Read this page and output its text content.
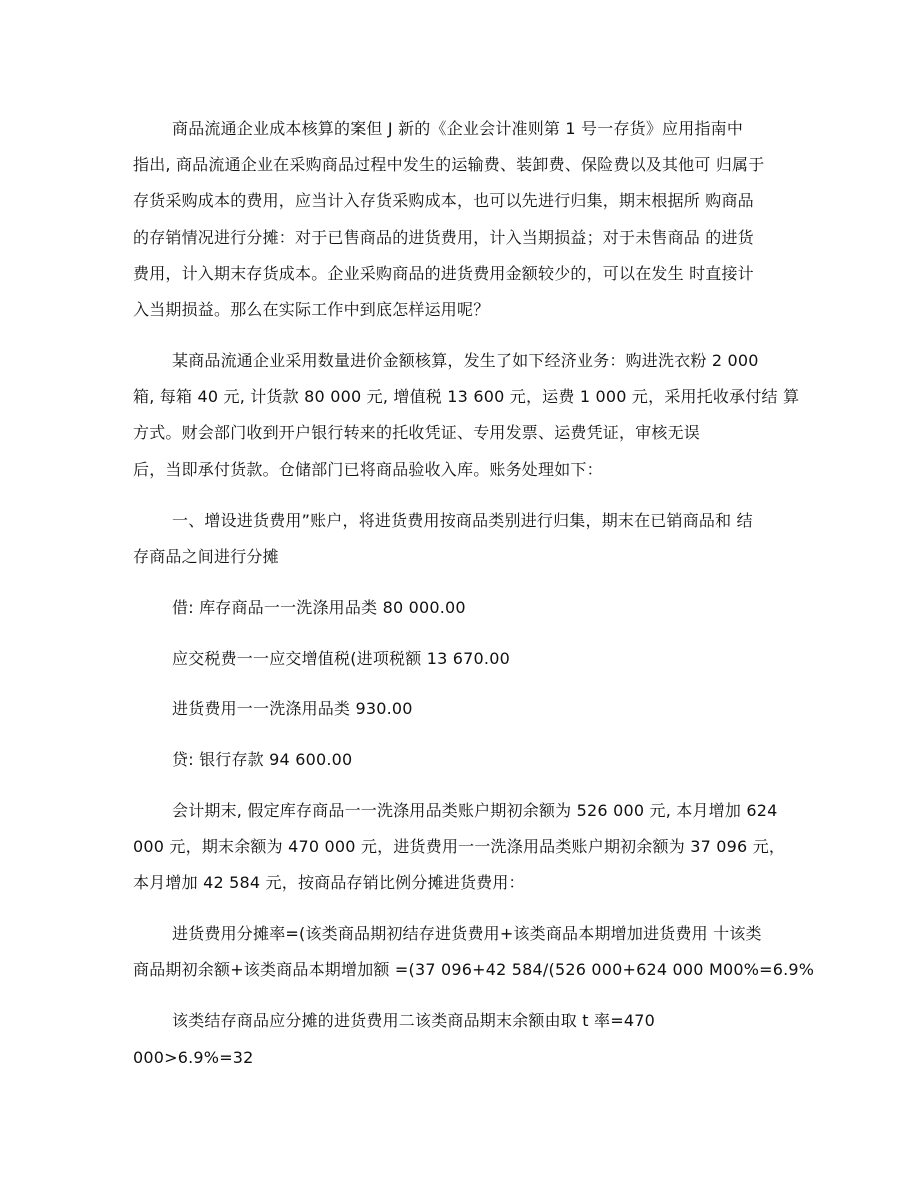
商品流通企业成本核算的案但 J 新的《企业会计准则第 1 号一存货》应用指南中

指出, 商品流通企业在采购商品过程中发生的运输费、装卸费、保险费以及其他可 归属于

存货采购成本的费用，应当计入存货采购成本，也可以先进行归集，期末根据所 购商品

的存销情况进行分摊：对于已售商品的进货费用，计入当期损益；对于未售商品 的进货

费用，计入期末存货成本。企业采购商品的进货费用金额较少的，可以在发生 时直接计

入当期损益。那么在实际工作中到底怎样运用呢？

某商品流通企业采用数量进价金额核算，发生了如下经济业务：购进洗衣粉 2 000

箱, 每箱 40 元, 计货款 80 000 元, 增值税 13 600 元，运费 1 000 元，采用托收承付结 算

方式。财会部门收到开户银行转来的托收凭证、专用发票、运费凭证，审核无误

后，当即承付货款。仓储部门已将商品验收入库。账务处理如下：

一、增设进货费用”账户，将进货费用按商品类别进行归集，期末在已销商品和 结

存商品之间进行分摊

借: 库存商品一一洗涤用品类 80 000.00

应交税费一一应交增值税(进项税额 13 670.00

进货费用一一洗涤用品类 930.00

贷: 银行存款 94 600.00

会计期末, 假定库存商品一一洗涤用品类账户期初余额为 526 000 元, 本月增加 624

000 元，期末余额为 470 000 元，进货费用一一洗涤用品类账户期初余额为 37 096 元，

本月增加 42 584 元，按商品存销比例分摊进货费用：

进货费用分摊率=(该类商品期初结存进货费用+该类商品本期增加进货费用 十该类

商品期初余额+该类商品本期增加额 =(37 096+42 584/(526 000+624 000 M00%=6.9%

该类结存商品应分摊的进货费用二该类商品期末余额由取 t 率=470

000>6.9%=32
